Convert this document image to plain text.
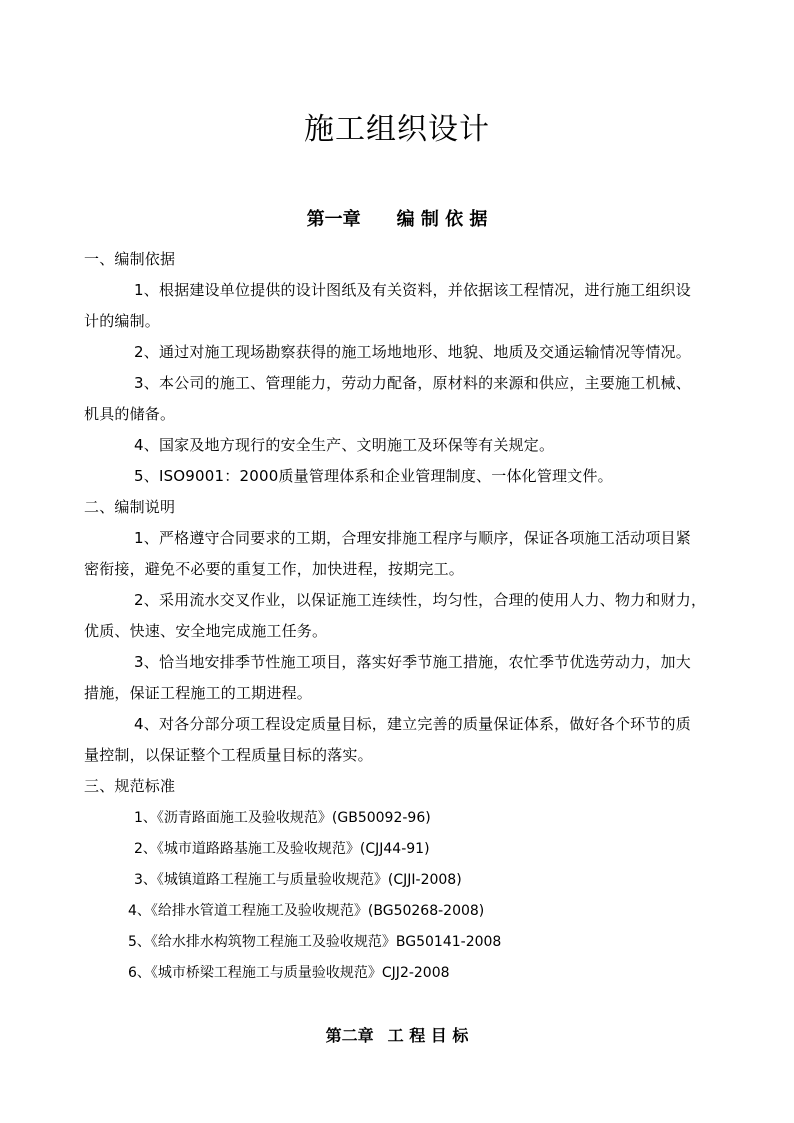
施工组织设计
第一章 编 制 依 据
一、编制依据
1、根据建设单位提供的设计图纸及有关资料，并依据该工程情况，进行施工组织设
计的编制。
2、通过对施工现场勘察获得的施工场地地形、地貌、地质及交通运输情况等情况。
3、本公司的施工、管理能力，劳动力配备，原材料的来源和供应，主要施工机械、
机具的储备。
4、国家及地方现行的安全生产、文明施工及环保等有关规定。
5、ISO9001：2000质量管理体系和企业管理制度、一体化管理文件。
二、编制说明
1、严格遵守合同要求的工期，合理安排施工程序与顺序，保证各项施工活动项目紧
密衔接，避免不必要的重复工作，加快进程，按期完工。
2、采用流水交叉作业，以保证施工连续性，均匀性，合理的使用人力、物力和财力，
优质、快速、安全地完成施工任务。
3、恰当地安排季节性施工项目，落实好季节施工措施，农忙季节优选劳动力，加大
措施，保证工程施工的工期进程。
4、对各分部分项工程设定质量目标，建立完善的质量保证体系，做好各个环节的质
量控制，以保证整个工程质量目标的落实。
三、规范标准
1、《沥青路面施工及验收规范》(GB50092-96)
2、《城市道路路基施工及验收规范》(CJJ44-91)
3、《城镇道路工程施工与质量验收规范》(CJJI-2008)
4、《给排水管道工程施工及验收规范》(BG50268-2008)
5、《给水排水构筑物工程施工及验收规范》BG50141-2008
6、《城市桥梁工程施工与质量验收规范》CJJ2-2008
第二章 工 程 目 标
